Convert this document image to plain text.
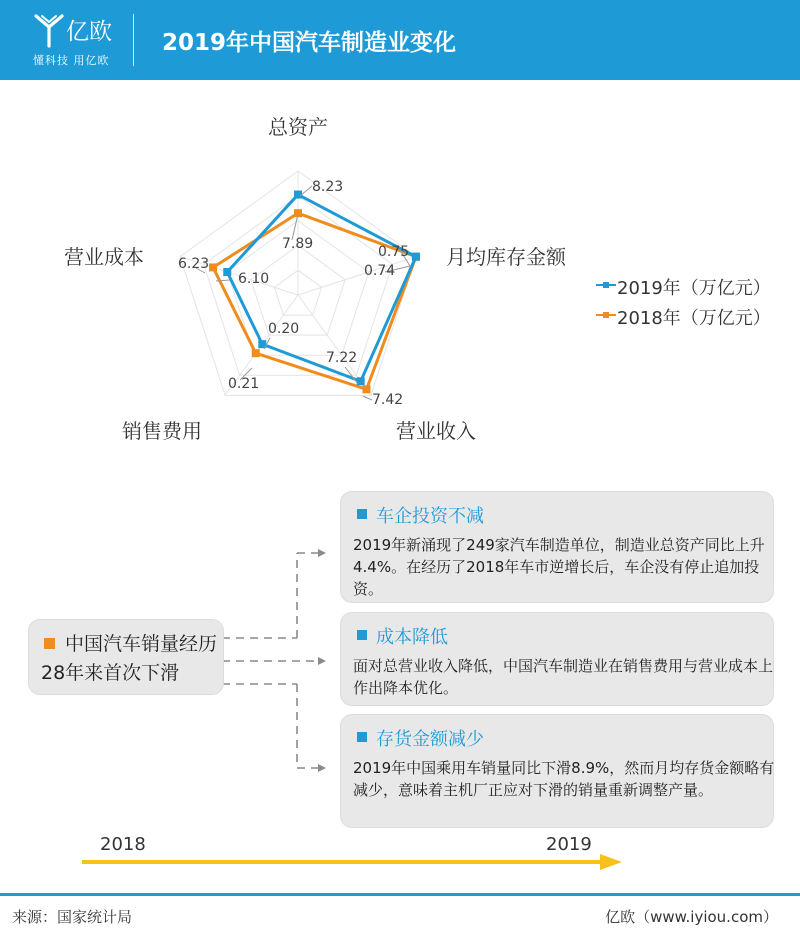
亿欧
懂科技 用亿欧
2019年中国汽车制造业变化
总资产
月均库存金额
营业收入
销售费用
营业成本
8.23
0.75
7.22
0.20
6.10
7.89
0.74
7.42
0.21
6.23
2019年（万亿元）
2018年（万亿元）
中国汽车销量经历28年来首次下滑
车企投资不减
2019年新涌现了249家汽车制造单位，制造业总资产同比上升4.4%。在经历了2018年车市逆增长后，车企没有停止追加投资。
成本降低
面对总营业收入降低，中国汽车制造业在销售费用与营业成本上作出降本优化。
存货金额减少
2019年中国乘用车销量同比下滑8.9%，然而月均存货金额略有减少，意味着主机厂正应对下滑的销量重新调整产量。
2018	2019
来源：国家统计局	亿欧（www.iyiou.com）
